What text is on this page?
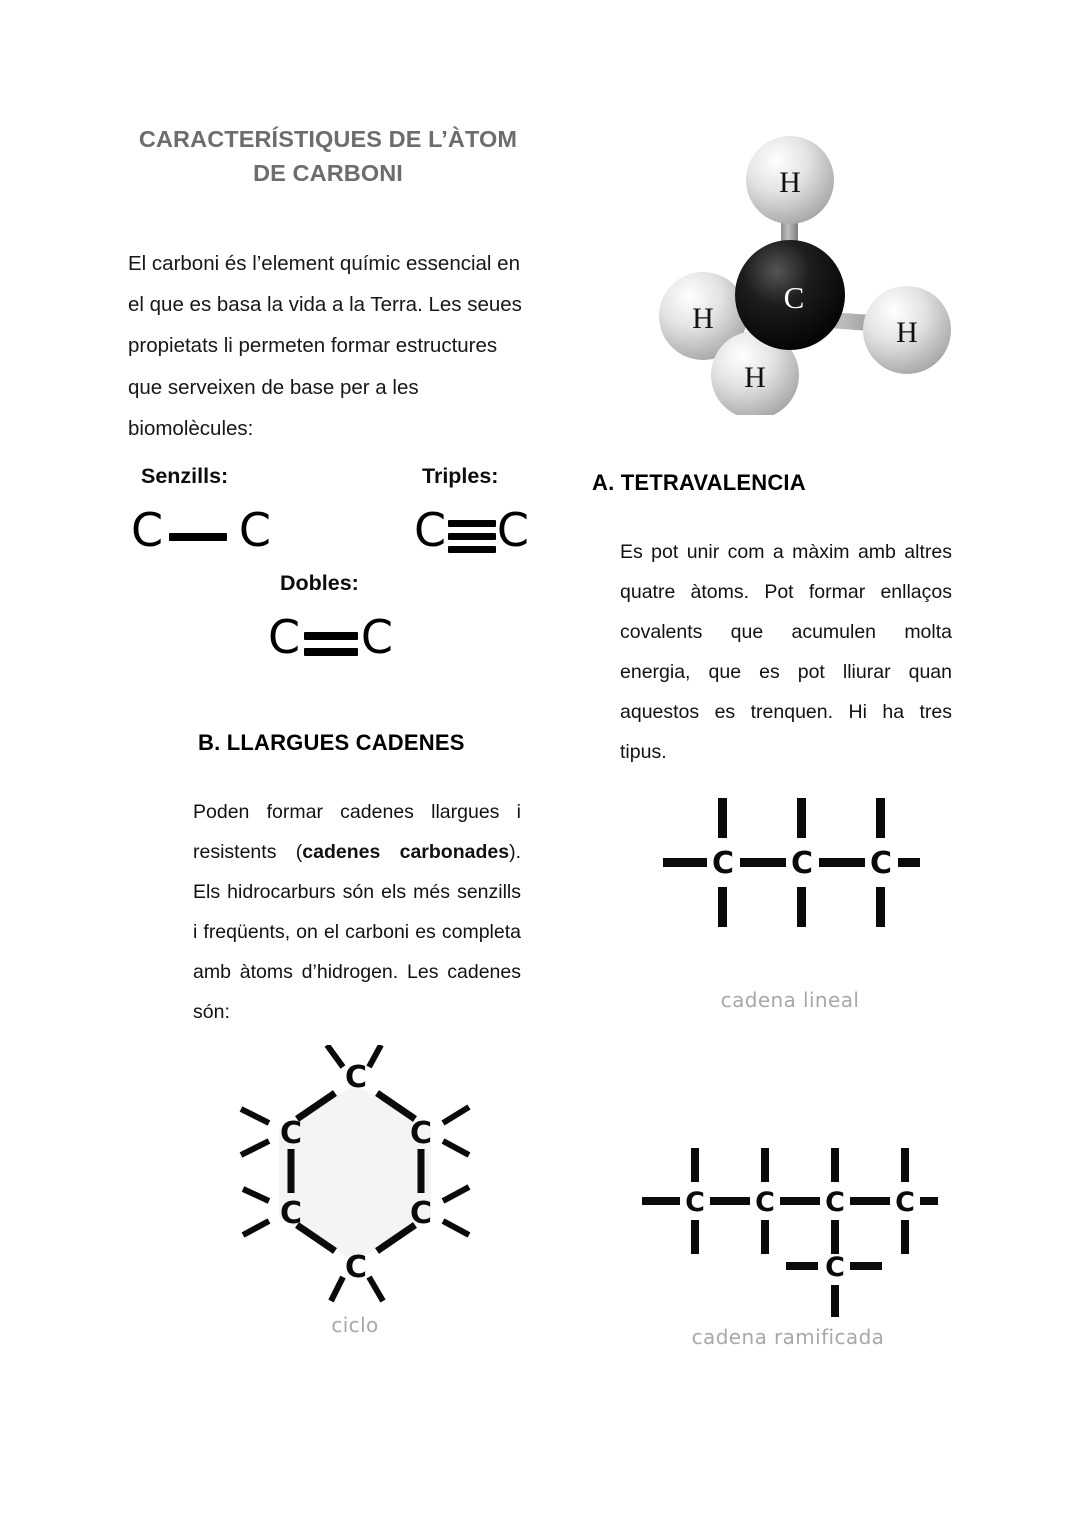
CARACTERÍSTIQUES DE L’ÀTOM
DE CARBONI

El carboni és l’element químic essencial en el que es basa la vida a la Terra. Les seues propietats li permeten formar estructures que serveixen de base per a les biomolècules:

H
H
H
C
H
Senzills:	Triples:
Dobles:
C C	C C
C C
A. TETRAVALENCIA

Es pot unir com a màxim amb altres quatre àtoms. Pot formar enllaços covalents que acumulen molta energia, que es pot lliurar quan aquestos es trenquen. Hi ha tres tipus.

B. LLARGUES CADENES

Poden formar cadenes llargues i resistents (cadenes carbonades). Els hidrocarburs són els més senzills i freqüents, on el carboni es completa amb àtoms d’hidrogen. Les cadenes són:

C C C
cadena lineal
C C C C
C
cadena ramificada
C
C	C
C	C
C
ciclo
